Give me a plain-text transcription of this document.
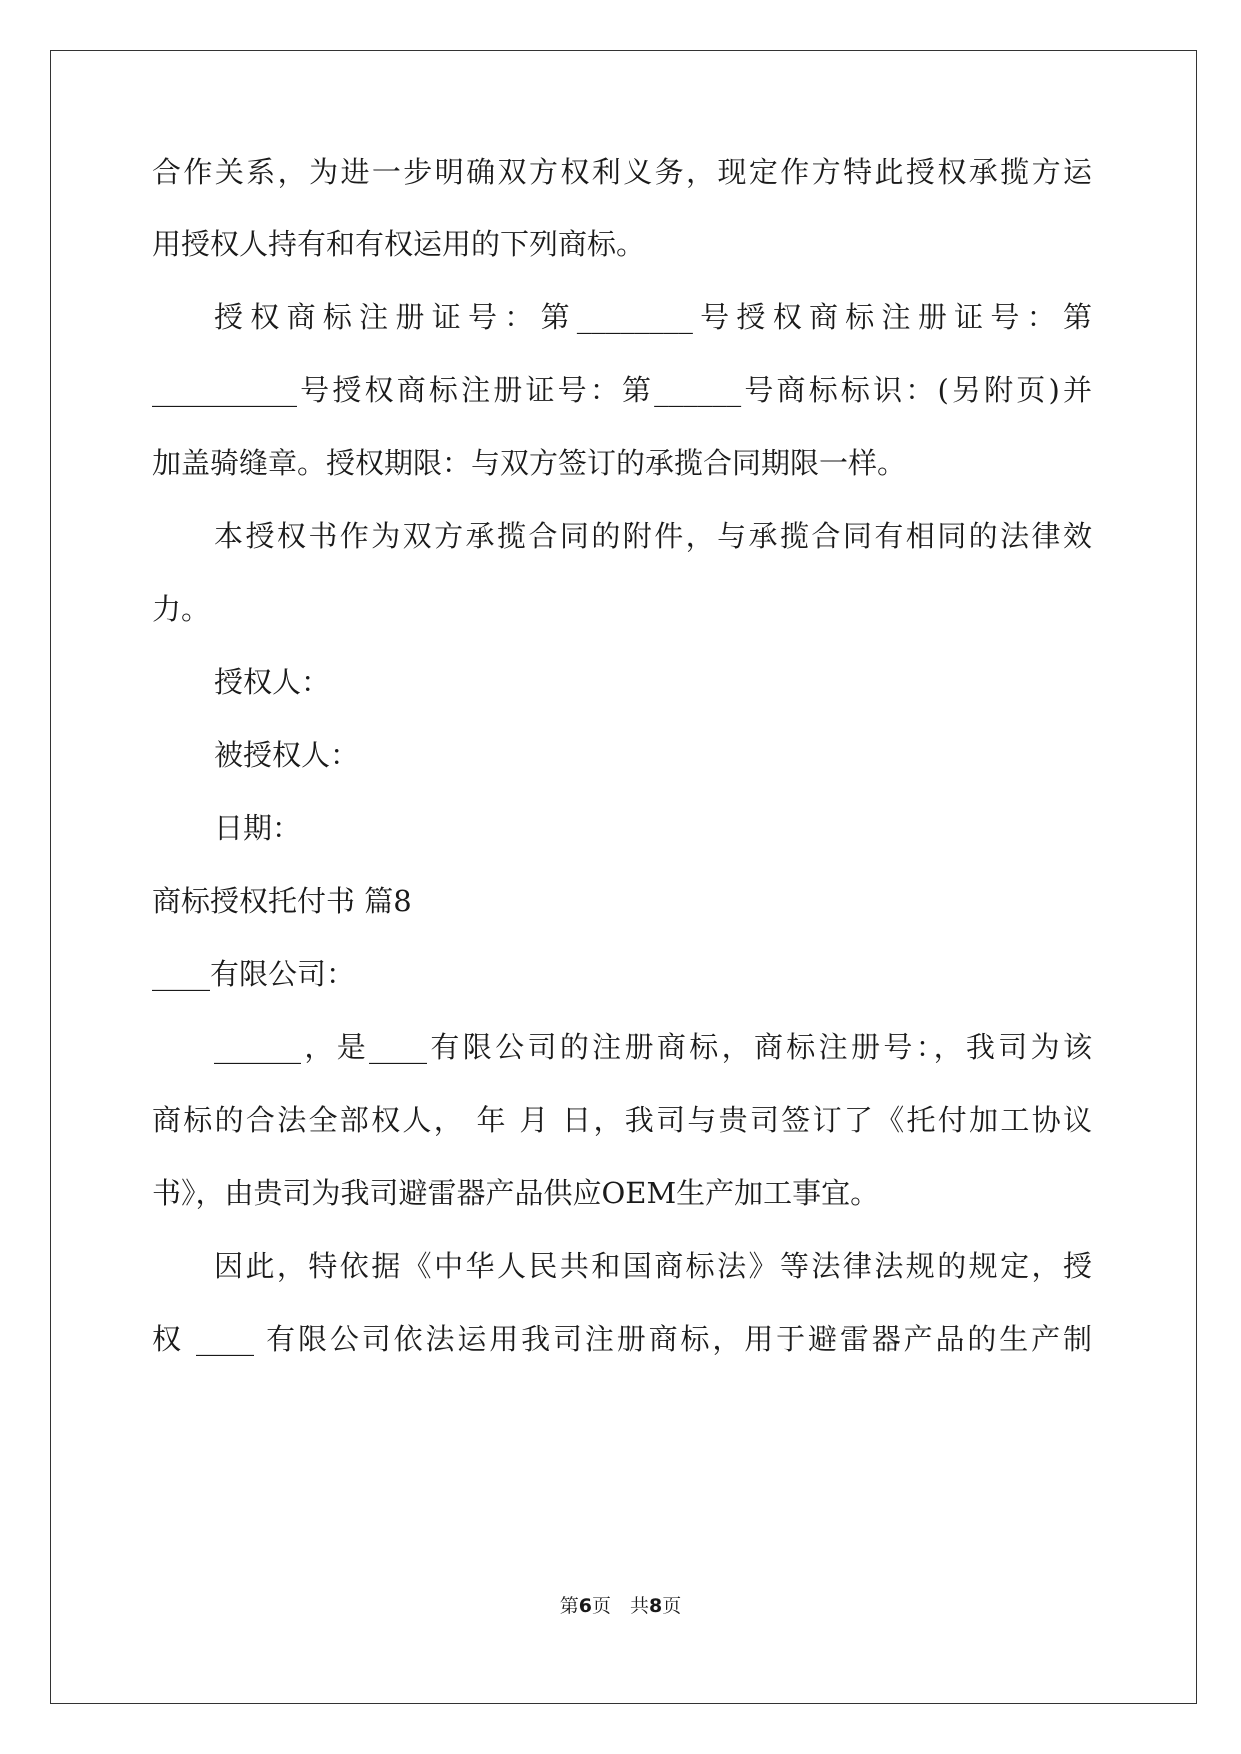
合作关系，为进一步明确双方权利义务，现定作方特此授权承揽方运
用授权人持有和有权运用的下列商标。
授权商标注册证号：第________号授权商标注册证号：第
__________号授权商标注册证号：第______号商标标识：(另附页)并
加盖骑缝章。授权期限：与双方签订的承揽合同期限一样。
本授权书作为双方承揽合同的附件，与承揽合同有相同的法律效
力。
授权人：
被授权人：
日期：
商标授权托付书 篇8
____有限公司：
______，是____有限公司的注册商标，商标注册号：，我司为该
商标的合法全部权人， 年 月 日，我司与贵司签订了《托付加工协议
书》，由贵司为我司避雷器产品供应OEM生产加工事宜。
因此，特依据《中华人民共和国商标法》等法律法规的规定，授
权 ____ 有限公司依法运用我司注册商标，用于避雷器产品的生产制
第6页　共8页
